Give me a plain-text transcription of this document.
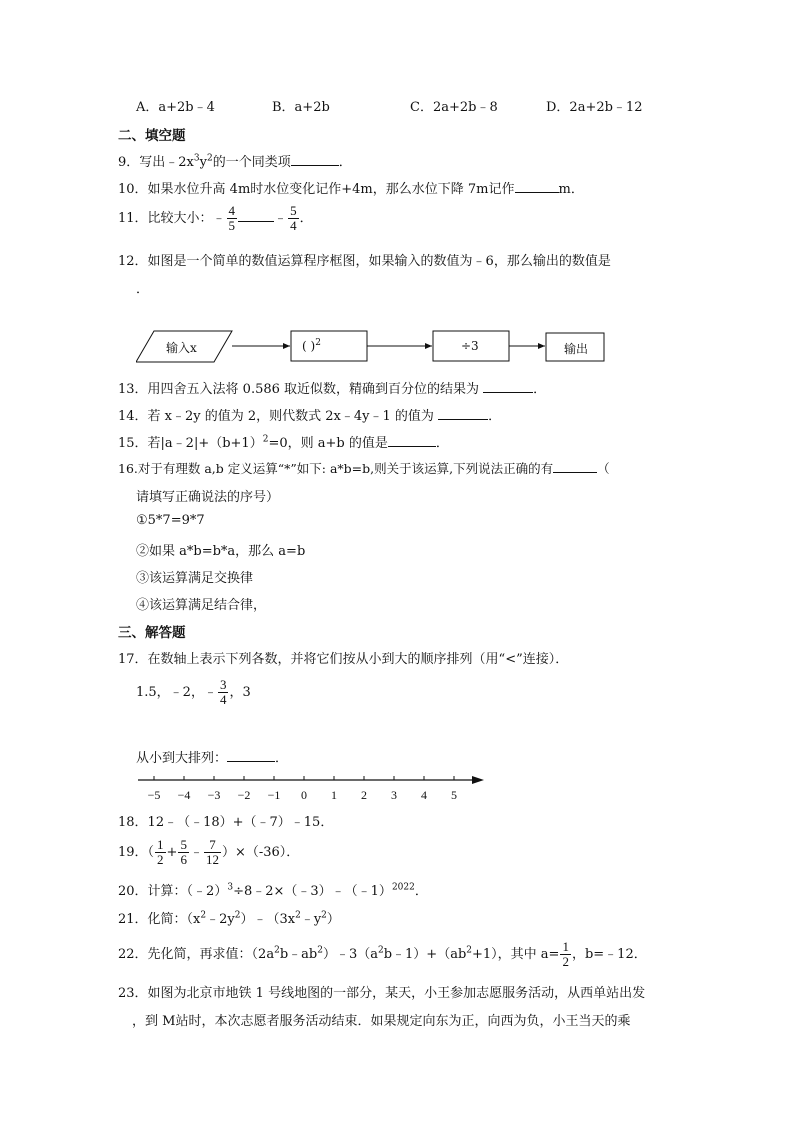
A．a+2b﹣4	B．a+2b	C．2a+2b﹣8	D．2a+2b﹣12
二、填空题
9．写出$﹣2x^3y^2$的一个同类项	．
10．如果水位升高 4m时水位变化记作+4m，那么水位下降 7m记作	m．
11．比较大小：﹣ $\frac{4}{5}$	﹣ $\frac{5}{4}$ ．
12．如图是一个简单的数值运算程序框图，如果输入的数值为﹣6，那么输出的数值是
．
输入x	( )$^2$	÷3	输出
13．用四舍五入法将 0.586 取近似数，精确到百分位的结果为	．
14．若 x﹣2y 的值为 2，则代数式 2x﹣4y﹣1 的值为	．
15．若$|a﹣2|+(b+1)^2=0$，则 a+b 的值是	．
16.对于有理数 a,b 定义运算“*”如下: a*b=b,则关于该运算,下列说法正确的有	（
请填写正确说法的序号）
①5*7=9*7
②如果 a*b=b*a，那么 a=b
③该运算满足交换律
④该运算满足结合律，
三、解答题
17．在数轴上表示下列各数，并将它们按从小到大的顺序排列（用“<”连接）．
1.5，﹣2，﹣ $\frac{3}{4}$ ，3
从小到大排列：	．
−5 −4 −3 −2 −1 0 1 2 3 4 5
18．12﹣（﹣18）+（﹣7）﹣15．
19．（ $\frac{1}{2} + \frac{5}{6}$ ﹣ $\frac{7}{12} )\times(-36)$．
20．计算：（﹣2）$^3$÷8﹣2×（﹣3）﹣（﹣1）$^{2022}$．
21．化简：$(x^2﹣2y^2)﹣(3x^2﹣y^2)$
22．先化简，再求值：$(2a^2b﹣ab^2)﹣3(a^2b﹣1)+(ab^2+1)$，其中 $a= \frac{1}{2}$ ，b=﹣12．
23．如图为北京市地铁 1 号线地图的一部分，某天，小王参加志愿服务活动，从西单站出发
，到 M站时，本次志愿者服务活动结束．如果规定向东为正，向西为负，小王当天的乘
